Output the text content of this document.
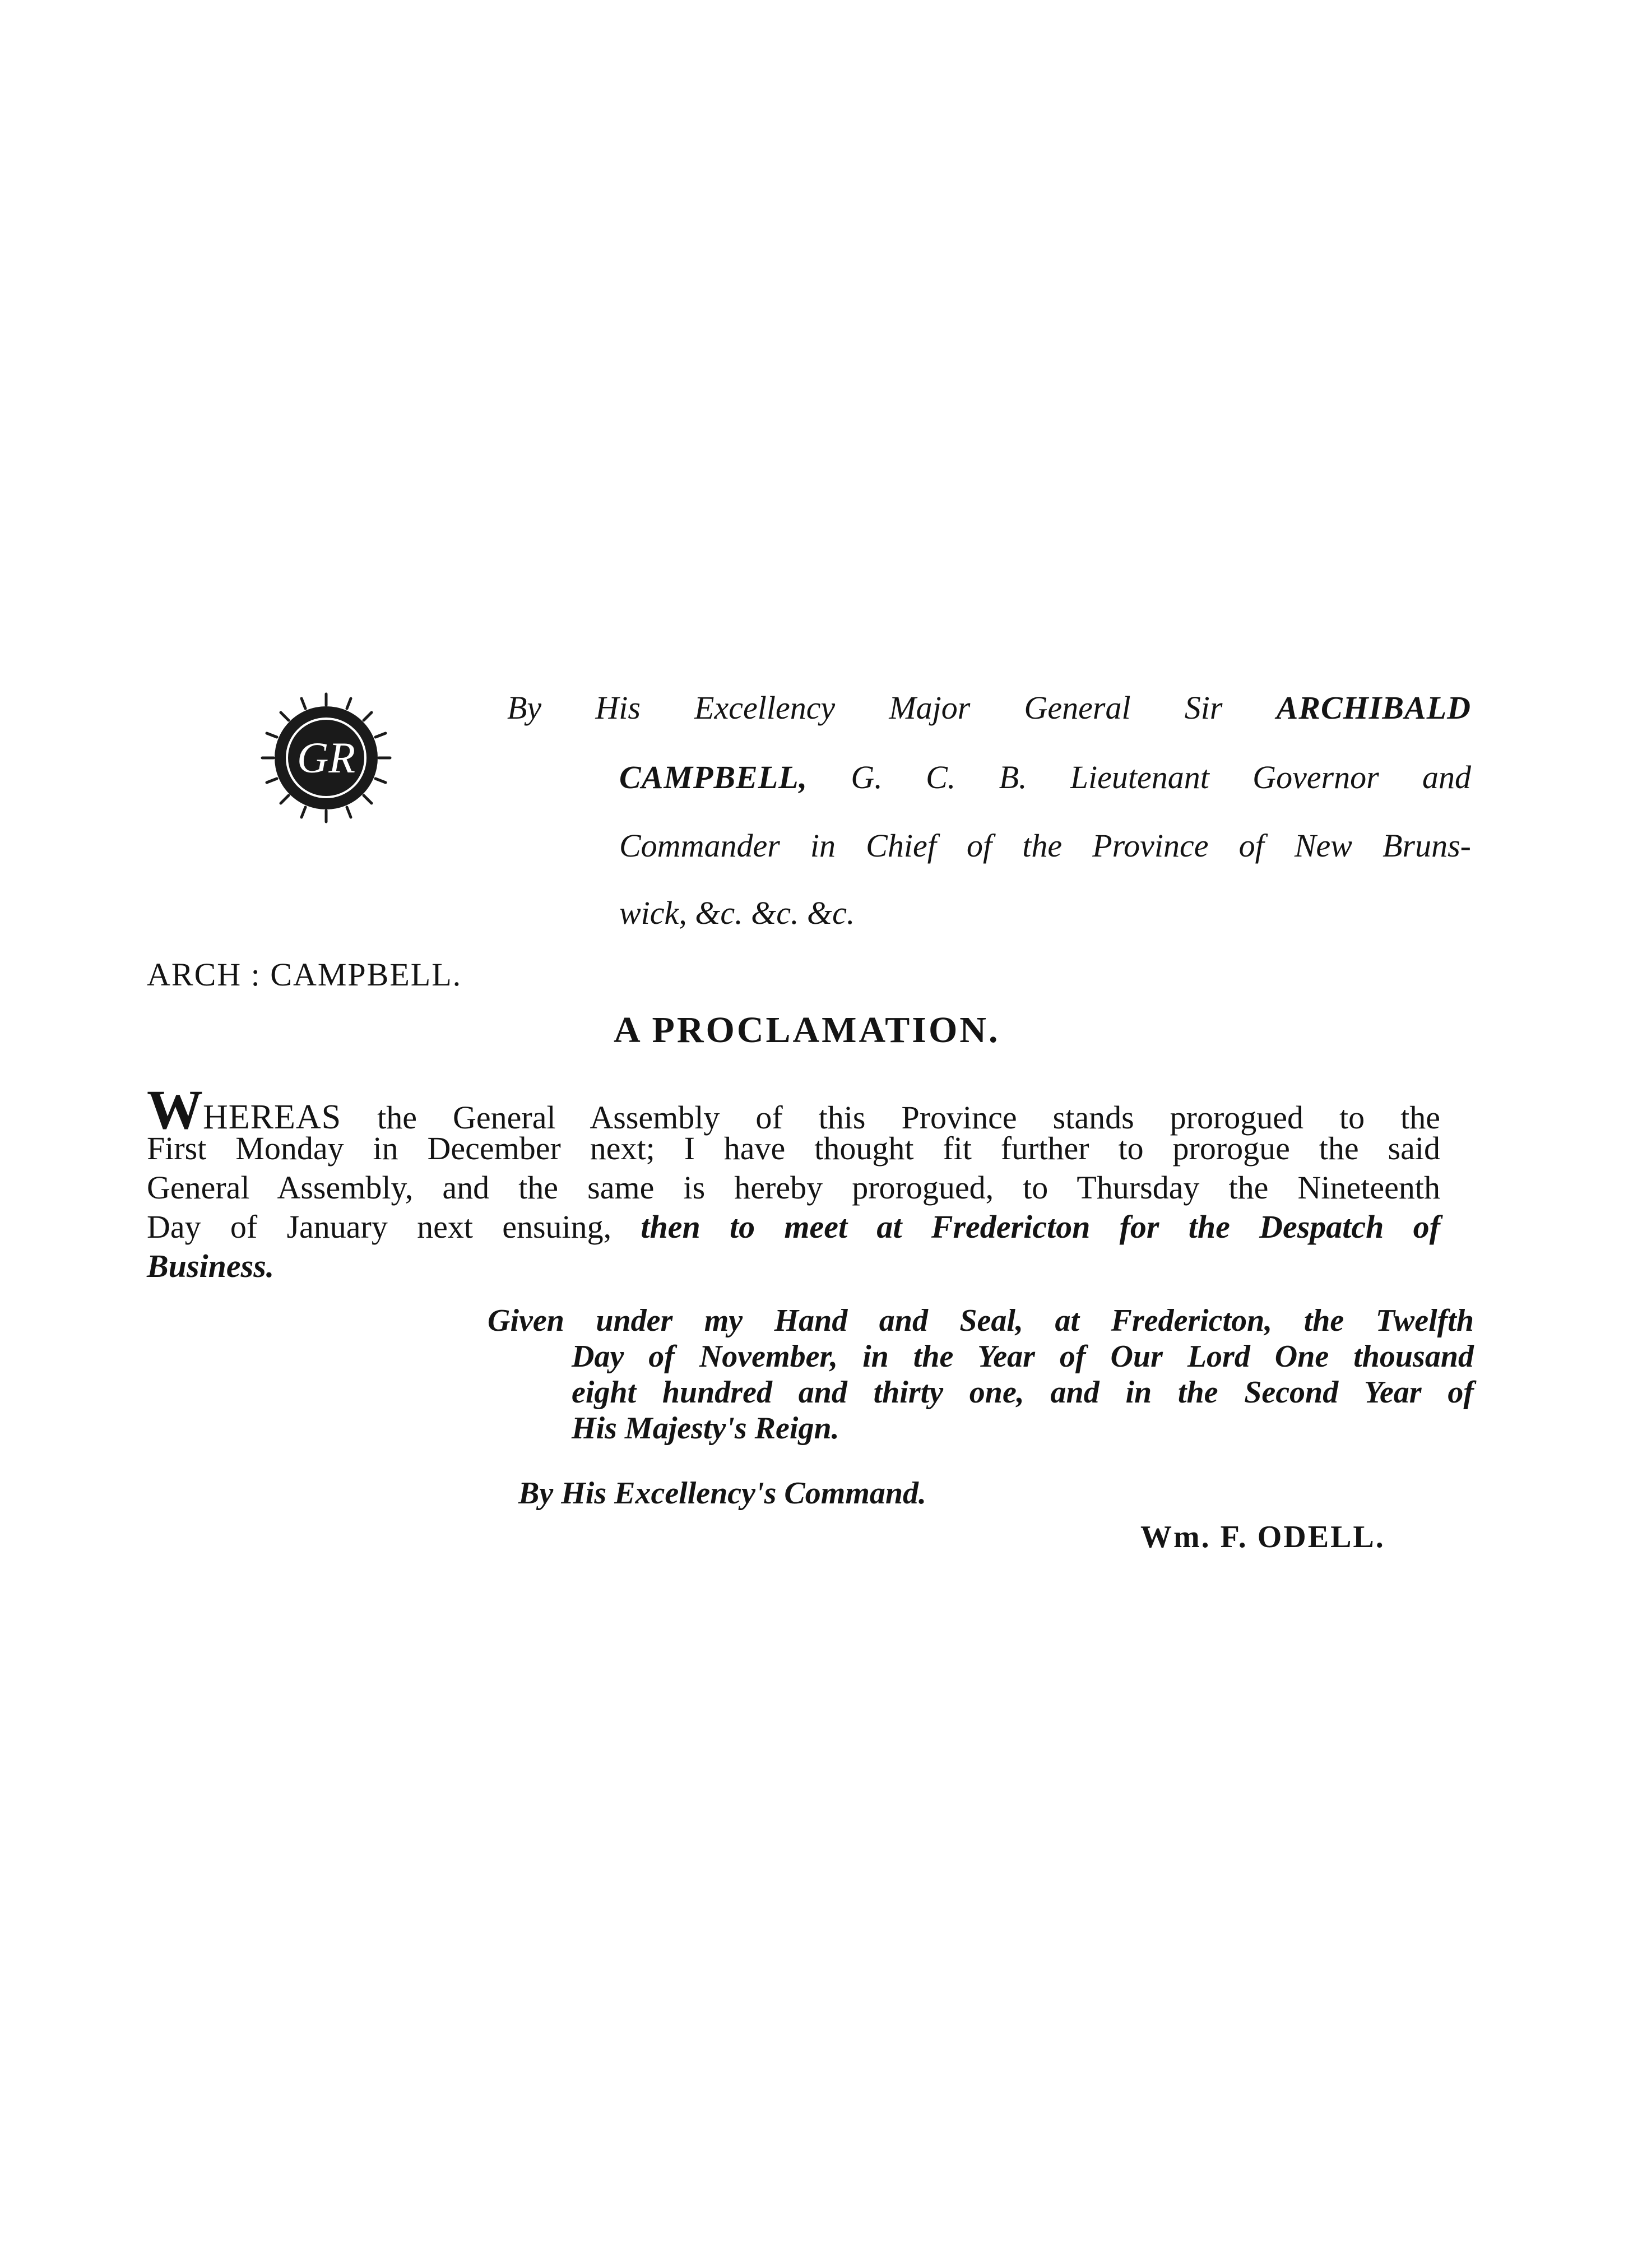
GR
By His Excellency Major General Sir ARCHIBALD
CAMPBELL, G. C. B. Lieutenant Governor and
Commander in Chief of the Province of New Bruns-
wick, &c. &c. &c.
ARCH : CAMPBELL.
A PROCLAMATION.
WHEREAS the General Assembly of this Province stands prorogued to the
First Monday in December next; I have thought fit further to prorogue the said
General Assembly, and the same is hereby prorogued, to Thursday the Nineteenth
Day of January next ensuing, then to meet at Fredericton for the Despatch of
Business.
Given under my Hand and Seal, at Fredericton, the Twelfth
Day of November, in the Year of Our Lord One thousand
eight hundred and thirty one, and in the Second Year of
His Majesty's Reign.
By His Excellency's Command.
Wm. F. ODELL.
